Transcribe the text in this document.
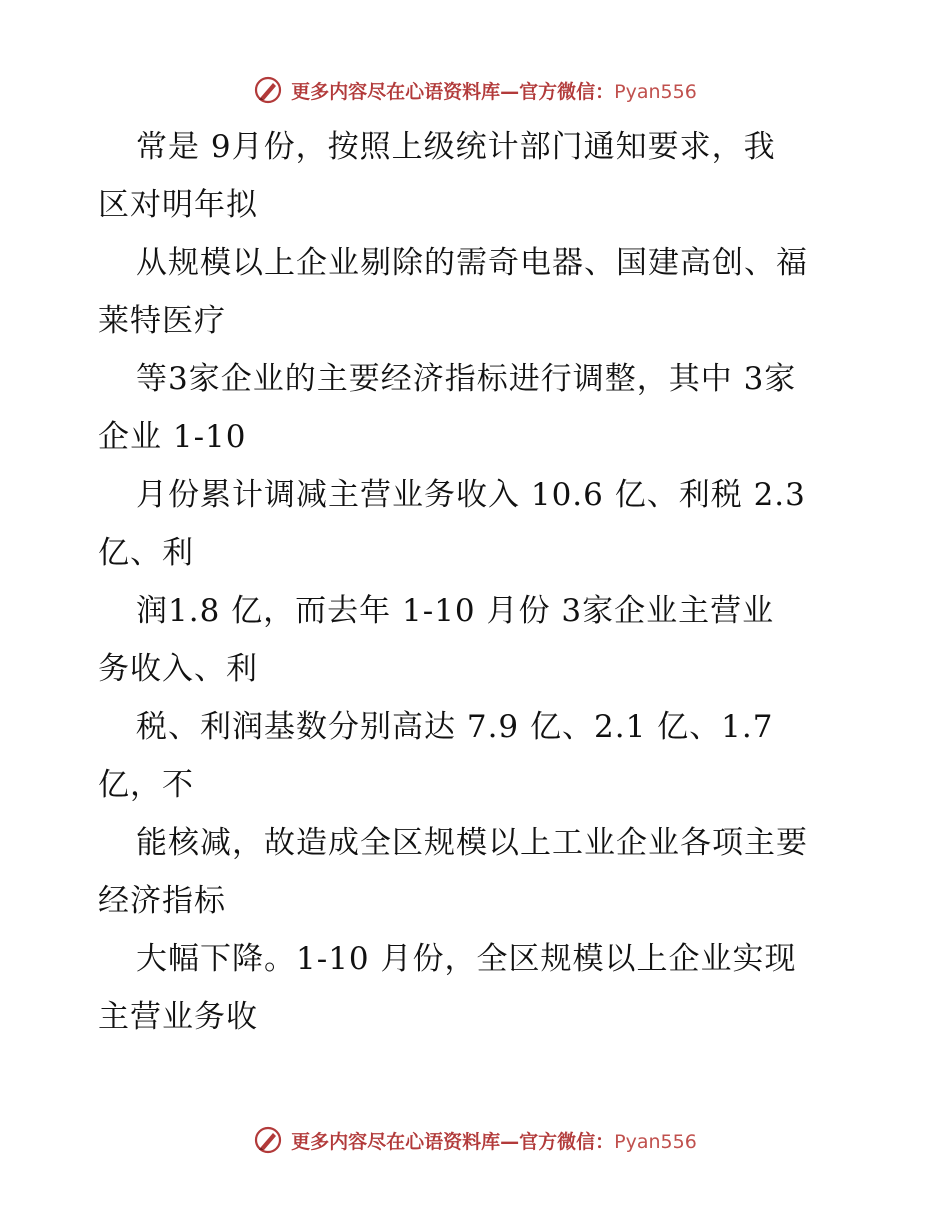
更多内容尽在心语资料库—官方微信：Pyan556
常是 9月份，按照上级统计部门通知要求，我
区对明年拟
从规模以上企业剔除的需奇电器、国建高创、福
莱特医疗
等3家企业的主要经济指标进行调整，其中 3家
企业 1-10
月份累计调减主营业务收入 10.6 亿、利税 2.3
亿、利
润1.8 亿，而去年 1-10 月份 3家企业主营业
务收入、利
税、利润基数分别高达 7.9 亿、2.1 亿、1.7
亿，不
能核减，故造成全区规模以上工业企业各项主要
经济指标
大幅下降。1-10 月份，全区规模以上企业实现
主营业务收
更多内容尽在心语资料库—官方微信：Pyan556
